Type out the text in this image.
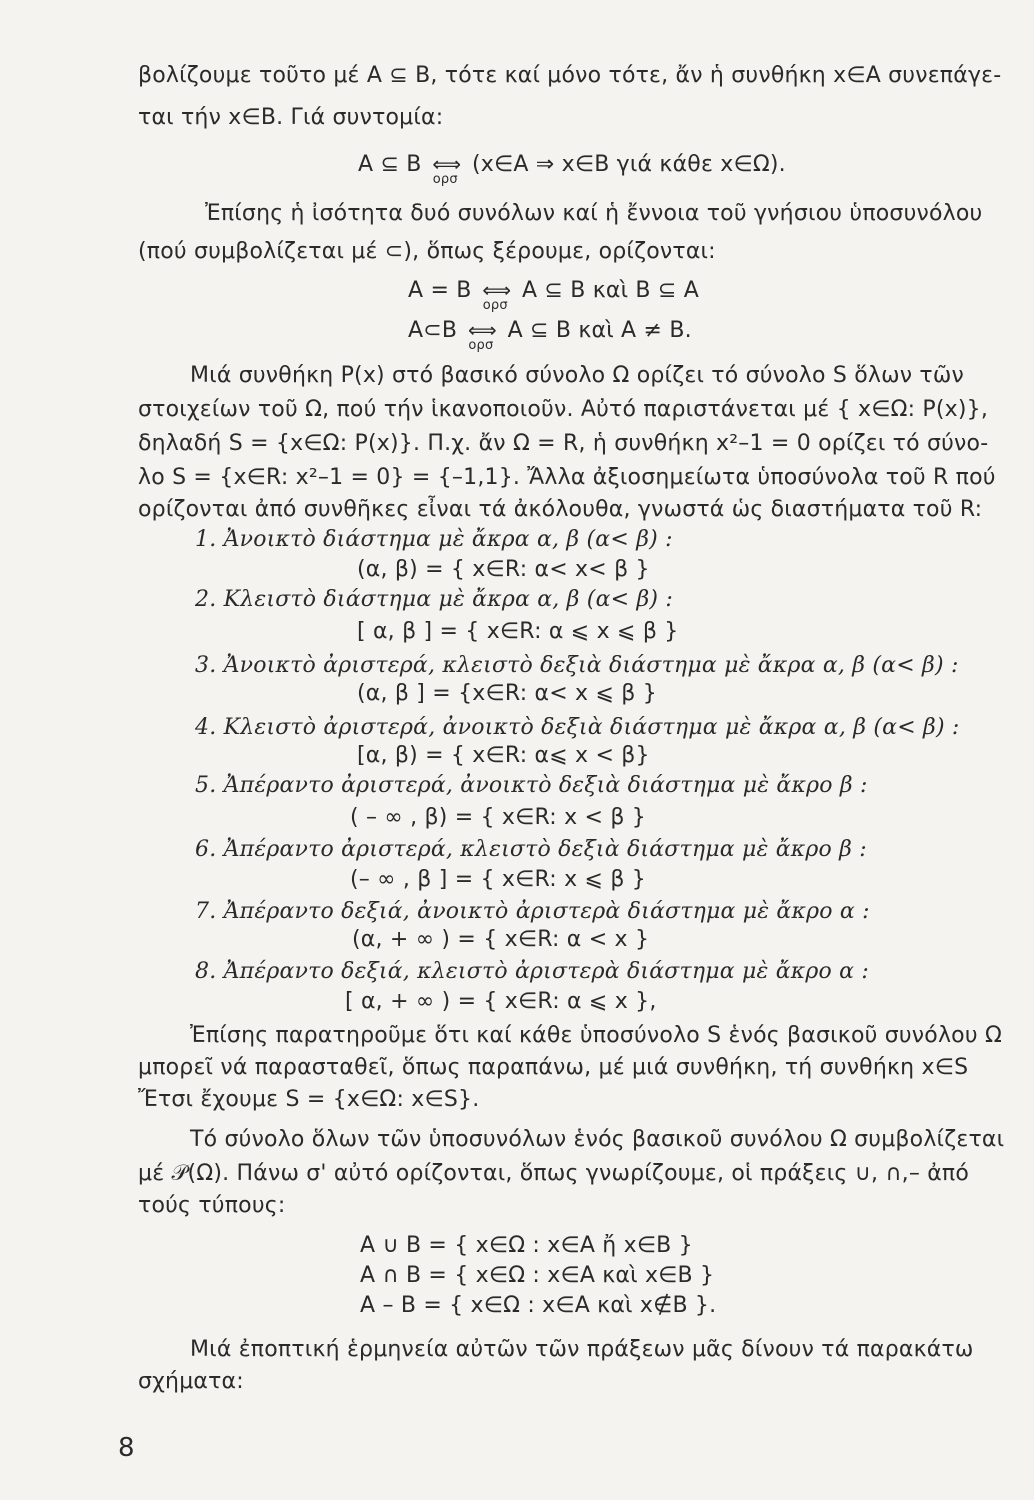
βολίζουμε τοῦτο μέ A ⊆ B, τότε καί μόνο τότε, ἄν ἡ συνθήκη x∈A συνεπάγε-
ται τήν x∈B. Γιά συντομία:
A ⊆ B ⟺
ορσ
(x∈A ⇒ x∈B γιά κάθε x∈Ω).
Ἐπίσης ἡ ἰσότητα δυό συνόλων καί ἡ ἔννοια τοῦ γνήσιου ὑποσυνόλου
(πού συμβολίζεται μέ ⊂), ὅπως ξέρουμε, ορίζονται:
A = B ⟺
ορσ
A ⊆ B καὶ B ⊆ A
A⊂B ⟺
ορσ
A ⊆ B καὶ A ≠ B.
Μιά συνθήκη P(x) στό βασικό σύνολο Ω ορίζει τό σύνολο S ὅλων τῶν
στοιχείων τοῦ Ω, πού τήν ἱκανοποιοῦν. Αὐτό παριστάνεται μέ { x∈Ω: P(x)},
δηλαδή S = {x∈Ω: P(x)}. Π.χ. ἄν Ω = R, ἡ συνθήκη x²–1 = 0 ορίζει τό σύνο-
λο S = {x∈R: x²–1 = 0} = {–1,1}. Ἄλλα ἀξιοσημείωτα ὑποσύνολα τοῦ R πού
ορίζονται ἀπό συνθῆκες εἶναι τά ἀκόλουθα, γνωστά ὡς διαστήματα τοῦ R:
1. Ἀνοικτὸ διάστημα μὲ ἄκρα α, β (α< β) :
(α, β) = { x∈R: α< x< β }
2. Κλειστὸ διάστημα μὲ ἄκρα α, β (α< β) :
[ α, β ] = { x∈R: α ⩽ x ⩽ β }
3. Ἀνοικτὸ ἀριστερά, κλειστὸ δεξιὰ διάστημα μὲ ἄκρα α, β (α< β) :
(α, β ] = {x∈R: α< x ⩽ β }
4. Κλειστὸ ἀριστερά, ἀνοικτὸ δεξιὰ διάστημα μὲ ἄκρα α, β (α< β) :
[α, β) = { x∈R: α⩽ x < β}
5. Ἀπέραντο ἀριστερά, ἀνοικτὸ δεξιὰ διάστημα μὲ ἄκρο β :
( – ∞ , β) = { x∈R: x < β }
6. Ἀπέραντο ἀριστερά, κλειστὸ δεξιὰ διάστημα μὲ ἄκρο β :
(– ∞ , β ] = { x∈R: x ⩽ β }
7. Ἀπέραντο δεξιά, ἀνοικτὸ ἀριστερὰ διάστημα μὲ ἄκρο α :
(α, + ∞ ) = { x∈R: α < x }
8. Ἀπέραντο δεξιά, κλειστὸ ἀριστερὰ διάστημα μὲ ἄκρο α :
[ α, + ∞ ) = { x∈R: α ⩽ x },
Ἐπίσης παρατηροῦμε ὅτι καί κάθε ὑποσύνολο S ἑνός βασικοῦ συνόλου Ω
μπορεῖ νά παρασταθεῖ, ὅπως παραπάνω, μέ μιά συνθήκη, τή συνθήκη x∈S
Ἔτσι ἔχουμε S = {x∈Ω: x∈S}.
Τό σύνολο ὅλων τῶν ὑποσυνόλων ἑνός βασικοῦ συνόλου Ω συμβολίζεται
μέ 𝒫(Ω). Πάνω σ' αὐτό ορίζονται, ὅπως γνωρίζουμε, οἱ πράξεις ∪, ∩,– ἀπό
τούς τύπους:
A ∪ B = { x∈Ω : x∈A ἤ x∈B }
A ∩ B = { x∈Ω : x∈A καὶ x∈B }
A – B = { x∈Ω : x∈A καὶ x∉B }.
Μιά ἐποπτική ἑρμηνεία αὐτῶν τῶν πράξεων μᾶς δίνουν τά παρακάτω
σχήματα:
8
